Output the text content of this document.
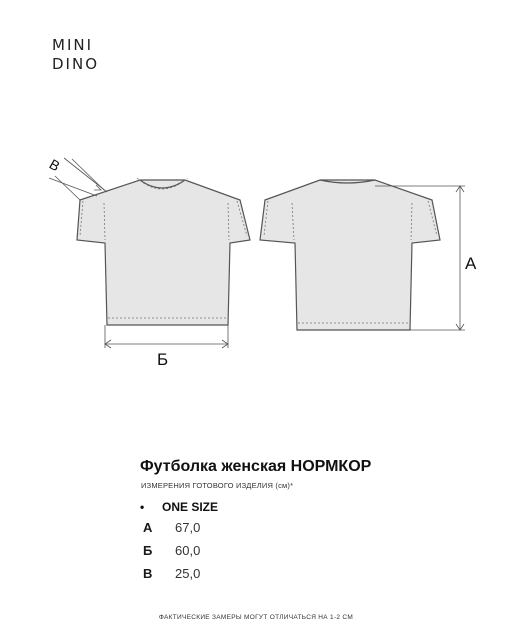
MINI
DINO
A
Б
В
Футболка женская НОРМКОР
ИЗМЕРЕНИЯ ГОТОВОГО ИЗДЕЛИЯ (см)*
• ONE SIZE
А 67,0
Б 60,0
В 25,0
ФАКТИЧЕСКИЕ ЗАМЕРЫ МОГУТ ОТЛИЧАТЬСЯ НА 1-2 СМ
